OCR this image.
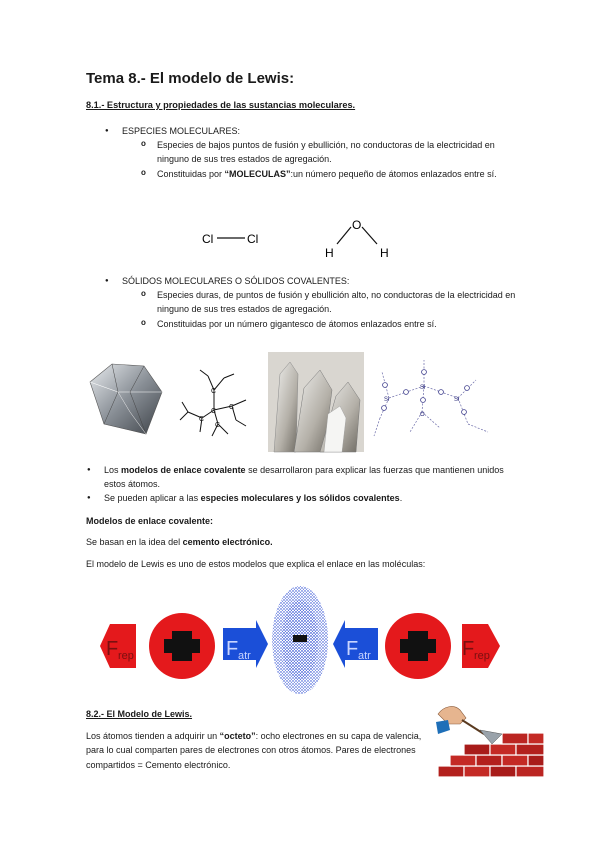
Tema 8.- El modelo de Lewis:
8.1.- Estructura y propiedades de las sustancias moleculares.
● ESPECIES MOLECULARES:
o Especies de bajos puntos de fusión y ebullición, no conductoras de la electricidad en ninguno de sus tres estados de agregación.
o Constituidas por “MOLECULAS”:un número pequeño de átomos enlazados entre sí.
Cl	Cl
O
H	H
● SÓLIDOS MOLECULARES O SÓLIDOS COVALENTES:
o Especies duras, de puntos de fusión y ebullición alto, no conductoras de la electricidad en ninguno de sus tres estados de agregación.
o Constituidas por un número gigantesco de átomos enlazados entre sí.
C
C
C
C
C
Si
Si
Si
O
● Los modelos de enlace covalente se desarrollaron para explicar las fuerzas que mantienen unidos estos átomos.
● Se pueden aplicar a las especies moleculares y los sólidos covalentes.
Modelos de enlace covalente:
Se basan en la idea del cemento electrónico.
El modelo de Lewis es uno de estos modelos que explica el enlace en las moléculas:
F rep	F atr	F atr	F rep
8.2.- El Modelo de Lewis.
Los átomos tienden a adquirir un “octeto”: ocho electrones en su capa de valencia, para lo cual comparten pares de electrones con otros átomos. Pares de electrones compartidos = Cemento electrónico.
